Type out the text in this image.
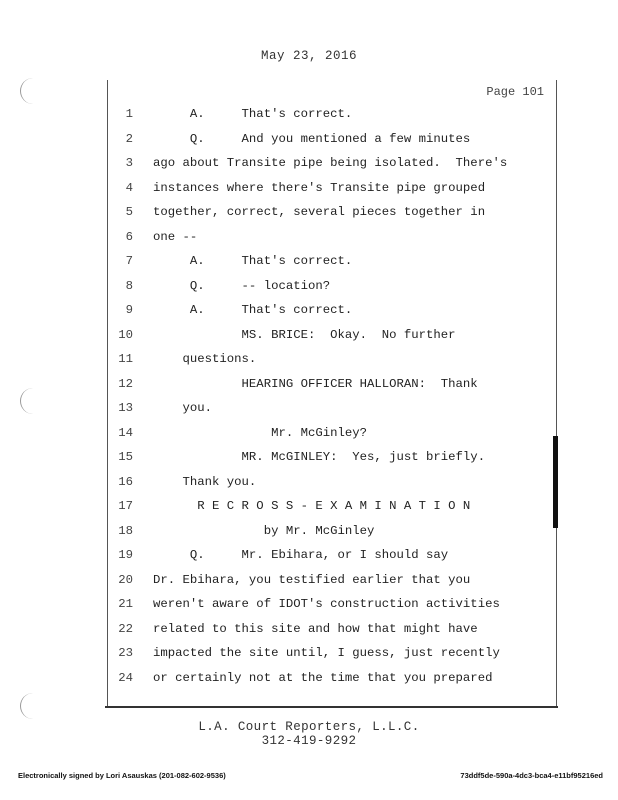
May 23, 2016
Page 101
1 A.     That's correct.
2 Q.     And you mentioned a few minutes
3 ago about Transite pipe being isolated.  There's
4 instances where there's Transite pipe grouped
5 together, correct, several pieces together in
6 one --
7 A.     That's correct.
8 Q.     -- location?
9 A.     That's correct.
10 MS. BRICE:  Okay.  No further
11 questions.
12 HEARING OFFICER HALLORAN:  Thank
13 you.
14 Mr. McGinley?
15 MR. McGINLEY:  Yes, just briefly.
16 Thank you.
17 R E C R O S S - E X A M I N A T I O N
18 by Mr. McGinley
19 Q.     Mr. Ebihara, or I should say
20 Dr. Ebihara, you testified earlier that you
21 weren't aware of IDOT's construction activities
22 related to this site and how that might have
23 impacted the site until, I guess, just recently
24 or certainly not at the time that you prepared
L.A. Court Reporters, L.L.C.
312-419-9292
Electronically signed by Lori Asauskas (201-082-602-9536)	73ddf5de-590a-4dc3-bca4-e11bf95216ed
